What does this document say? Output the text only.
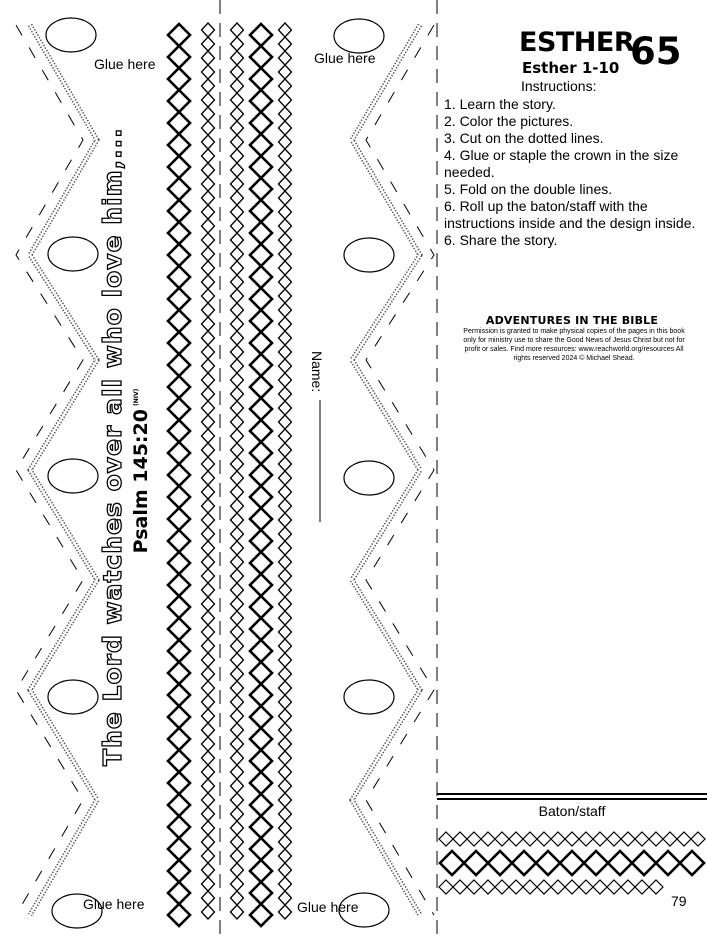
Glue here	Glue here
Glue here	Glue here
The Lord watches over all who love him,... Psalm $145:20^{(NIV)}$
Name:
ESTHER
65
Esther 1-10
Instructions:
1. Learn the story.
2. Color the pictures.
3. Cut on the dotted lines.
4. Glue or staple the crown in the size needed.
5. Fold on the double lines.
6. Roll up the baton/staff with the instructions inside and the design inside.
6. Share the story.
ADVENTURES IN THE BIBLE
Permission is granted to make physical copies of the pages in this book only for ministry use to share the Good News of Jesus Christ but not for profit or sales. Find more resources: www.reachworld.org/resources All rights reserved 2024 © Michael Shead.
Baton/staff
79
